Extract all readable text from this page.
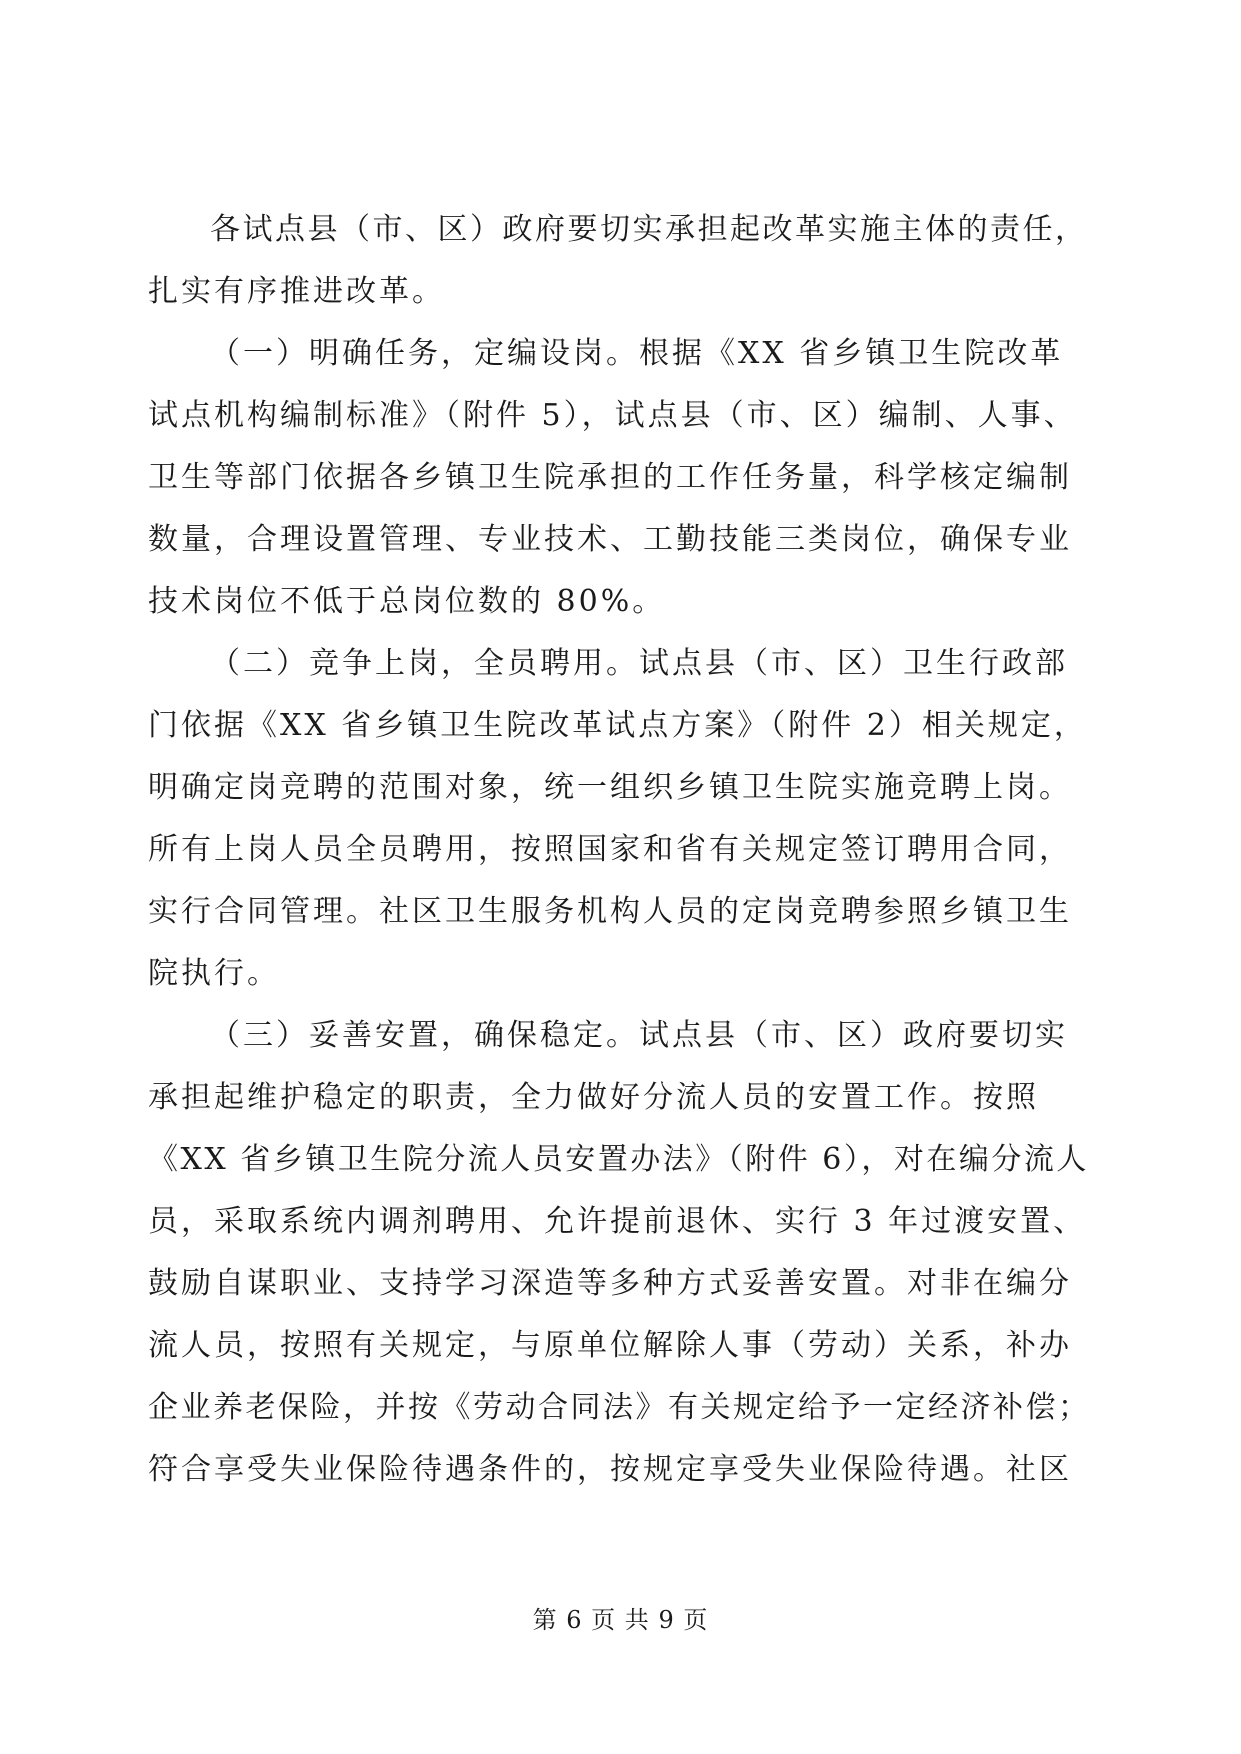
各试点县（市、区）政府要切实承担起改革实施主体的责任，
扎实有序推进改革。
（一）明确任务，定编设岗。根据《XX 省乡镇卫生院改革
试点机构编制标准》（附件 5），试点县（市、区）编制、人事、
卫生等部门依据各乡镇卫生院承担的工作任务量，科学核定编制
数量，合理设置管理、专业技术、工勤技能三类岗位，确保专业
技术岗位不低于总岗位数的 80%。
（二）竞争上岗，全员聘用。试点县（市、区）卫生行政部
门依据《XX 省乡镇卫生院改革试点方案》（附件 2）相关规定，
明确定岗竞聘的范围对象，统一组织乡镇卫生院实施竞聘上岗。
所有上岗人员全员聘用，按照国家和省有关规定签订聘用合同，
实行合同管理。社区卫生服务机构人员的定岗竞聘参照乡镇卫生
院执行。
（三）妥善安置，确保稳定。试点县（市、区）政府要切实
承担起维护稳定的职责，全力做好分流人员的安置工作。按照
《XX 省乡镇卫生院分流人员安置办法》（附件 6），对在编分流人
员，采取系统内调剂聘用、允许提前退休、实行 3 年过渡安置、
鼓励自谋职业、支持学习深造等多种方式妥善安置。对非在编分
流人员，按照有关规定，与原单位解除人事（劳动）关系，补办
企业养老保险，并按《劳动合同法》有关规定给予一定经济补偿；
符合享受失业保险待遇条件的，按规定享受失业保险待遇。社区
第 6 页 共 9 页
